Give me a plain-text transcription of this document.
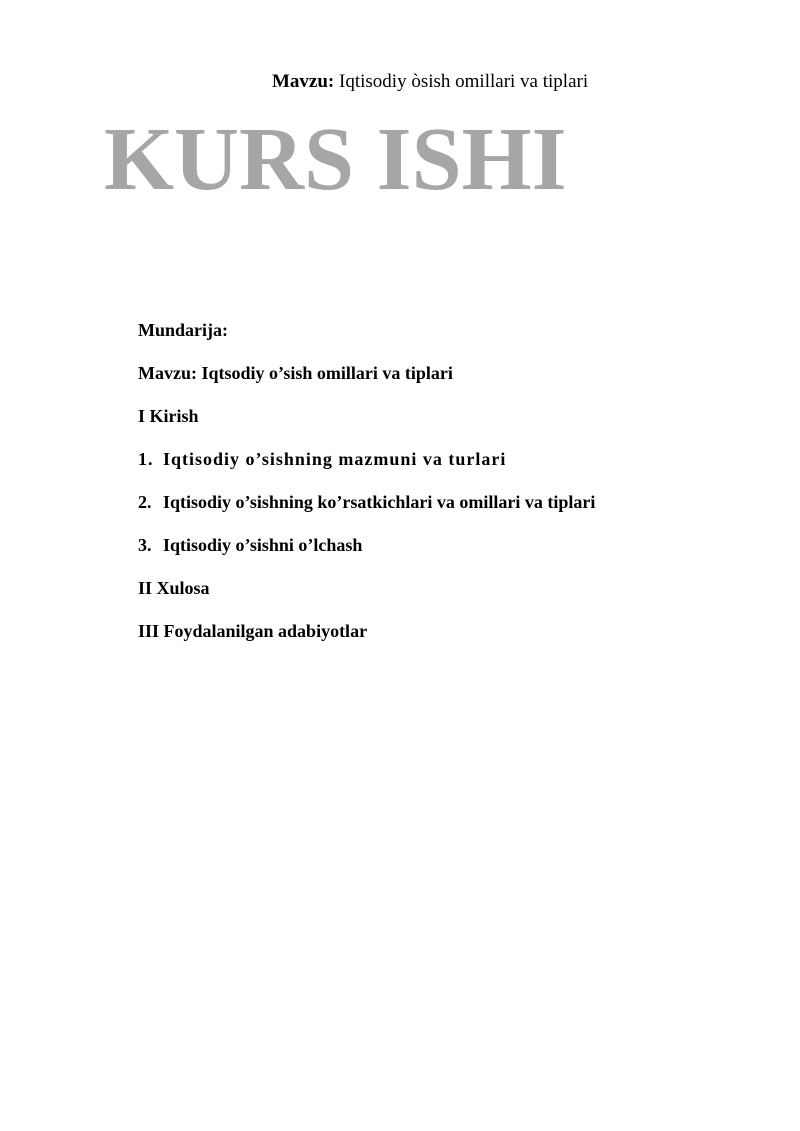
Mavzu: Iqtisodiy òsish omillari va tiplari
KURS ISHI
Mundarija:
Mavzu: Iqtsodiy o’sish omillari va tiplari
I Kirish
1. Iqtisodiy o’sishning mazmuni va turlari
2. Iqtisodiy o’sishning ko’rsatkichlari va omillari va tiplari
3. Iqtisodiy o’sishni o’lchash
II Xulosa
III Foydalanilgan adabiyotlar
